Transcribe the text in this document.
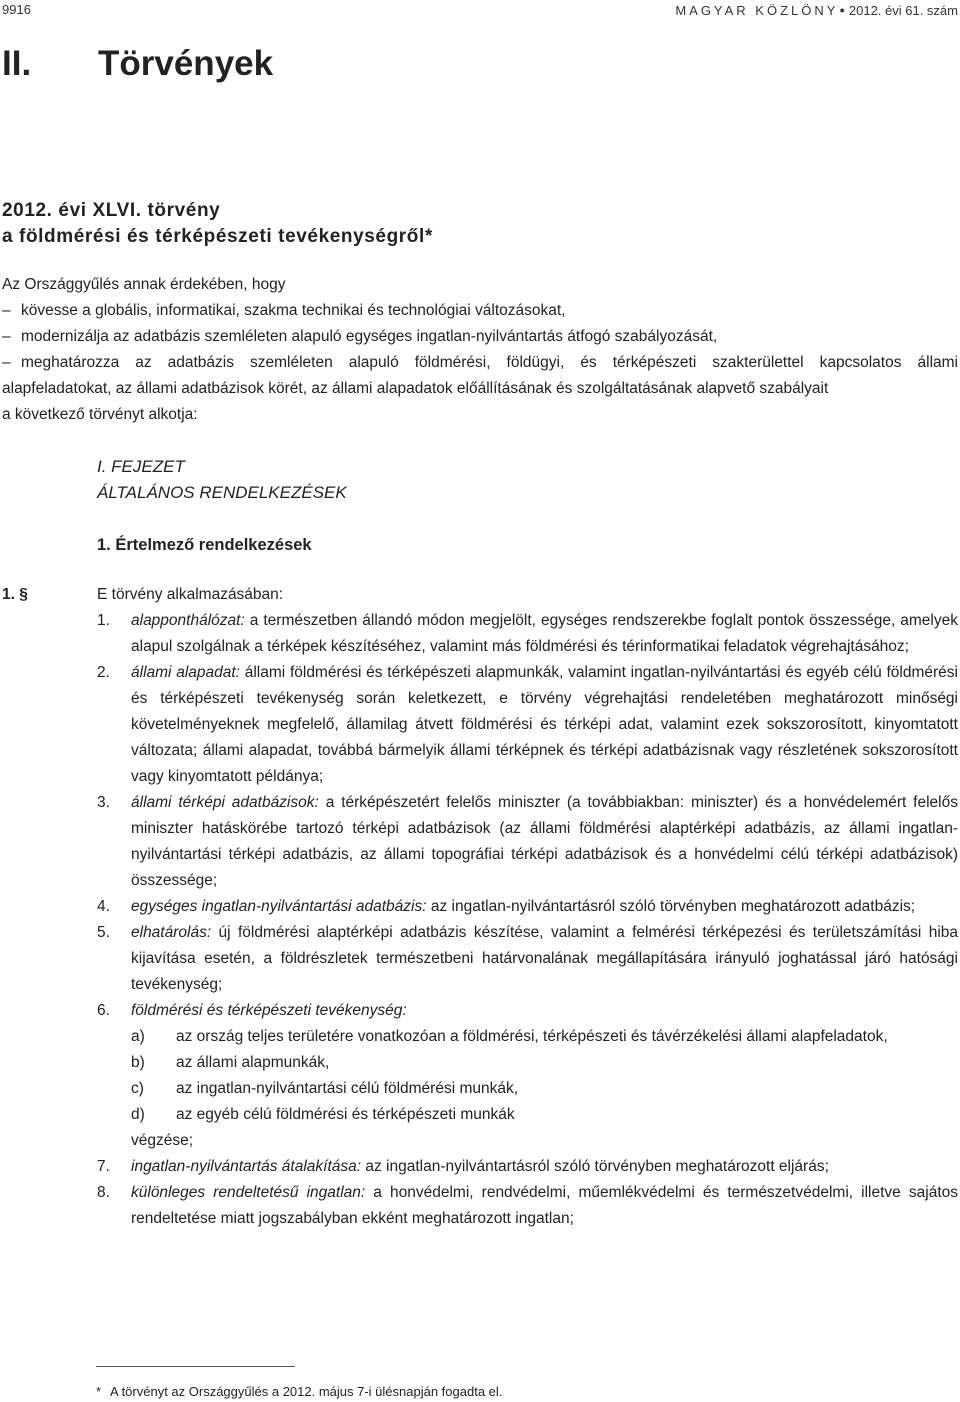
9916	MAGYAR KÖZLÖNY● 2012. évi 61. szám
II. Törvények
2012. évi XLVI. törvény
a földmérési és térképészeti tevékenységről*
Az Országgyűlés annak érdekében, hogy
– kövesse a globális, informatikai, szakma technikai és technológiai változásokat,
– modernizálja az adatbázis szemléleten alapuló egységes ingatlan-nyilvántartás átfogó szabályozását,
– meghatározza az adatbázis szemléleten alapuló földmérési, földügyi, és térképészeti szakterülettel kapcsolatos állami
alapfeladatokat, az állami adatbázisok körét, az állami alapadatok előállításának és szolgáltatásának alapvető szabályait
a következő törvényt alkotja:
I. FEJEZET
ÁLTALÁNOS RENDELKEZÉSEK
1. Értelmező rendelkezések
1. §	E törvény alkalmazásában:
1. alapponthálózat: a természetben állandó módon megjelölt, egységes rendszerekbe foglalt pontok összessége, amelyek alapul szolgálnak a térképek készítéséhez, valamint más földmérési és térinformatikai feladatok végrehajtásához;
2. állami alapadat: állami földmérési és térképészeti alapmunkák, valamint ingatlan-nyilvántartási és egyéb célú földmérési és térképészeti tevékenység során keletkezett, e törvény végrehajtási rendeletében meghatározott minőségi követelményeknek megfelelő, államilag átvett földmérési és térképi adat, valamint ezek sokszorosított, kinyomtatott változata; állami alapadat, továbbá bármelyik állami térképnek és térképi adatbázisnak vagy részletének sokszorosított vagy kinyomtatott példánya;
3. állami térképi adatbázisok: a térképészetért felelős miniszter (a továbbiakban: miniszter) és a honvédelemért felelős miniszter hatáskörébe tartozó térképi adatbázisok (az állami földmérési alaptérképi adatbázis, az állami ingatlan-nyilvántartási térképi adatbázis, az állami topográfiai térképi adatbázisok és a honvédelmi célú térképi adatbázisok) összessége;
4. egységes ingatlan-nyilvántartási adatbázis: az ingatlan-nyilvántartásról szóló törvényben meghatározott adatbázis;
5. elhatárolás: új földmérési alaptérképi adatbázis készítése, valamint a felmérési térképezési és területszámítási hiba kijavítása esetén, a földrészletek természetbeni határvonalának megállapítására irányuló joghatással járó hatósági tevékenység;
6. földmérési és térképészeti tevékenység:
a) az ország teljes területére vonatkozóan a földmérési, térképészeti és távérzékelési állami alapfeladatok,
b) az állami alapmunkák,
c) az ingatlan-nyilvántartási célú földmérési munkák,
d) az egyéb célú földmérési és térképészeti munkák
végzése;
7. ingatlan-nyilvántartás átalakítása: az ingatlan-nyilvántartásról szóló törvényben meghatározott eljárás;
8. különleges rendeltetésű ingatlan: a honvédelmi, rendvédelmi, műemlékvédelmi és természetvédelmi, illetve sajátos rendeltetése miatt jogszabályban ekként meghatározott ingatlan;
* A törvényt az Országgyűlés a 2012. május 7-i ülésnapján fogadta el.
